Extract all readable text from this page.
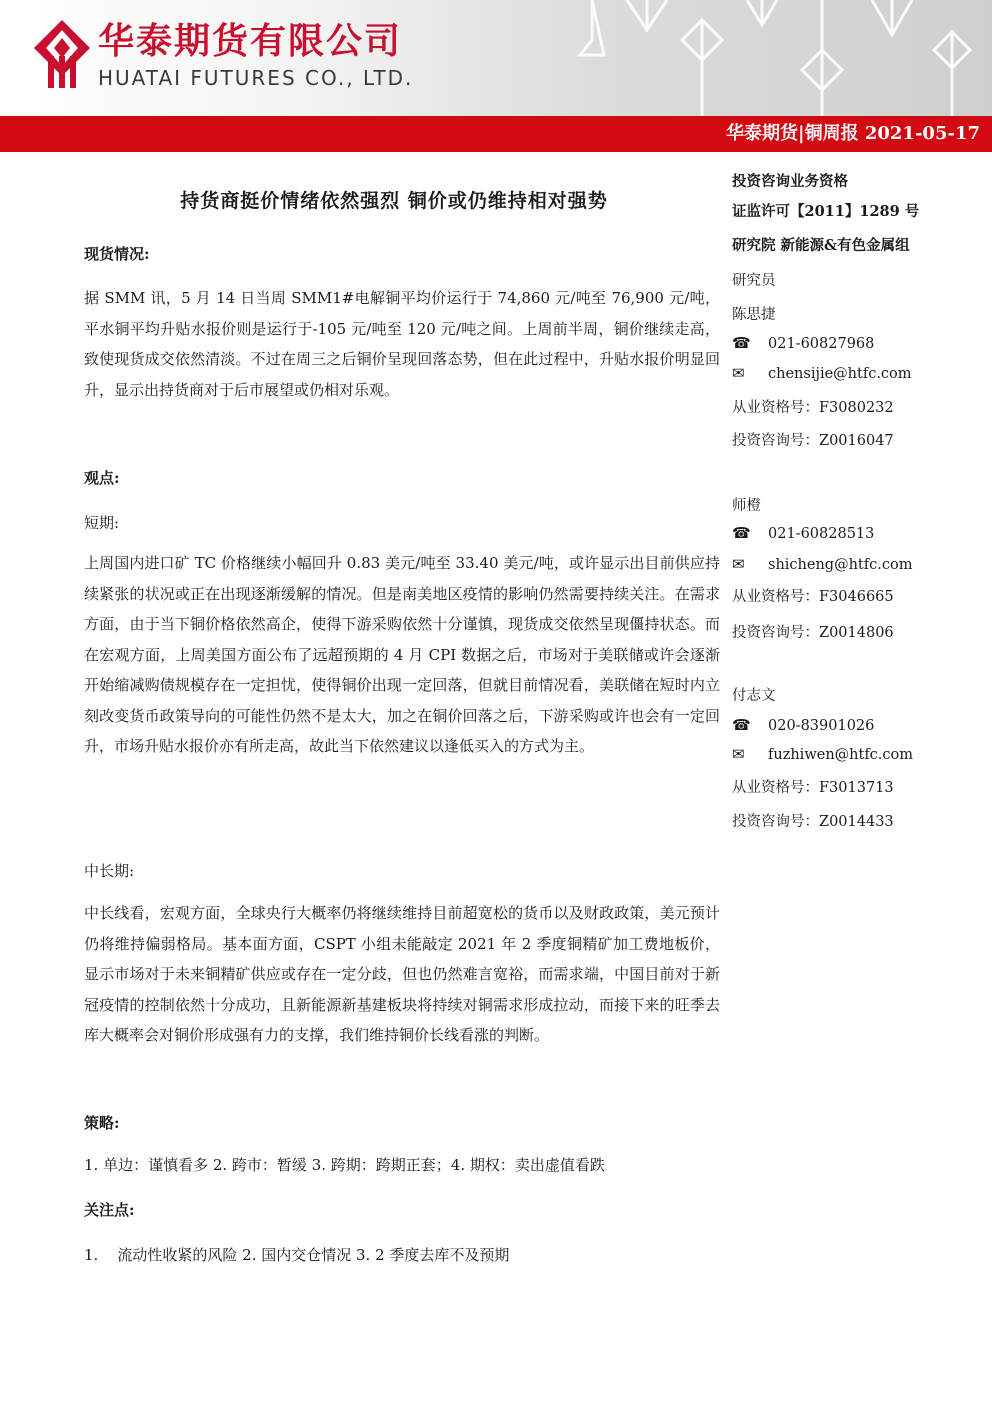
华泰期货有限公司
HUATAI FUTURES CO., LTD.
华泰期货|铜周报 2021-05-17
持货商挺价情绪依然强烈 铜价或仍维持相对强势
现货情况:

据 SMM 讯，5 月 14 日当周 SMM1#电解铜平均价运行于 74,860 元/吨至 76,900 元/吨，平水铜平均升贴水报价则是运行于-105 元/吨至 120 元/吨之间。上周前半周，铜价继续走高，致使现货成交依然清淡。不过在周三之后铜价呈现回落态势，但在此过程中，升贴水报价明显回升，显示出持货商对于后市展望或仍相对乐观。

观点:
短期:

上周国内进口矿 TC 价格继续小幅回升 0.83 美元/吨至 33.40 美元/吨，或许显示出目前供应持续紧张的状况或正在出现逐渐缓解的情况。但是南美地区疫情的影响仍然需要持续关注。在需求方面，由于当下铜价格依然高企，使得下游采购依然十分谨慎，现货成交依然呈现僵持状态。而在宏观方面，上周美国方面公布了远超预期的 4 月 CPI 数据之后，市场对于美联储或许会逐渐开始缩减购债规模存在一定担忧，使得铜价出现一定回落，但就目前情况看，美联储在短时内立刻改变货币政策导向的可能性仍然不是太大，加之在铜价回落之后，下游采购或许也会有一定回升，市场升贴水报价亦有所走高，故此当下依然建议以逢低买入的方式为主。

中长期:

中长线看，宏观方面，全球央行大概率仍将继续维持目前超宽松的货币以及财政政策，美元预计仍将维持偏弱格局。基本面方面，CSPT 小组未能敲定 2021 年 2 季度铜精矿加工费地板价，显示市场对于未来铜精矿供应或存在一定分歧，但也仍然难言宽裕，而需求端，中国目前对于新冠疫情的控制依然十分成功，且新能源新基建板块将持续对铜需求形成拉动，而接下来的旺季去库大概率会对铜价形成强有力的支撑，我们维持铜价长线看涨的判断。

策略:
1. 单边：谨慎看多 2. 跨市：暂缓 3. 跨期：跨期正套；4. 期权：卖出虚值看跌
关注点:
1.    流动性收紧的风险 2. 国内交仓情况 3. 2 季度去库不及预期
投资咨询业务资格
证监许可【2011】1289 号
研究院 新能源&有色金属组
研究员
陈思捷
☎ 021-60827968
✉ chensijie@htfc.com
从业资格号：F3080232
投资咨询号：Z0016047
师橙
☎ 021-60828513
✉ shicheng@htfc.com
从业资格号：F3046665
投资咨询号：Z0014806
付志文
☎ 020-83901026
✉ fuzhiwen@htfc.com
从业资格号：F3013713
投资咨询号：Z0014433
